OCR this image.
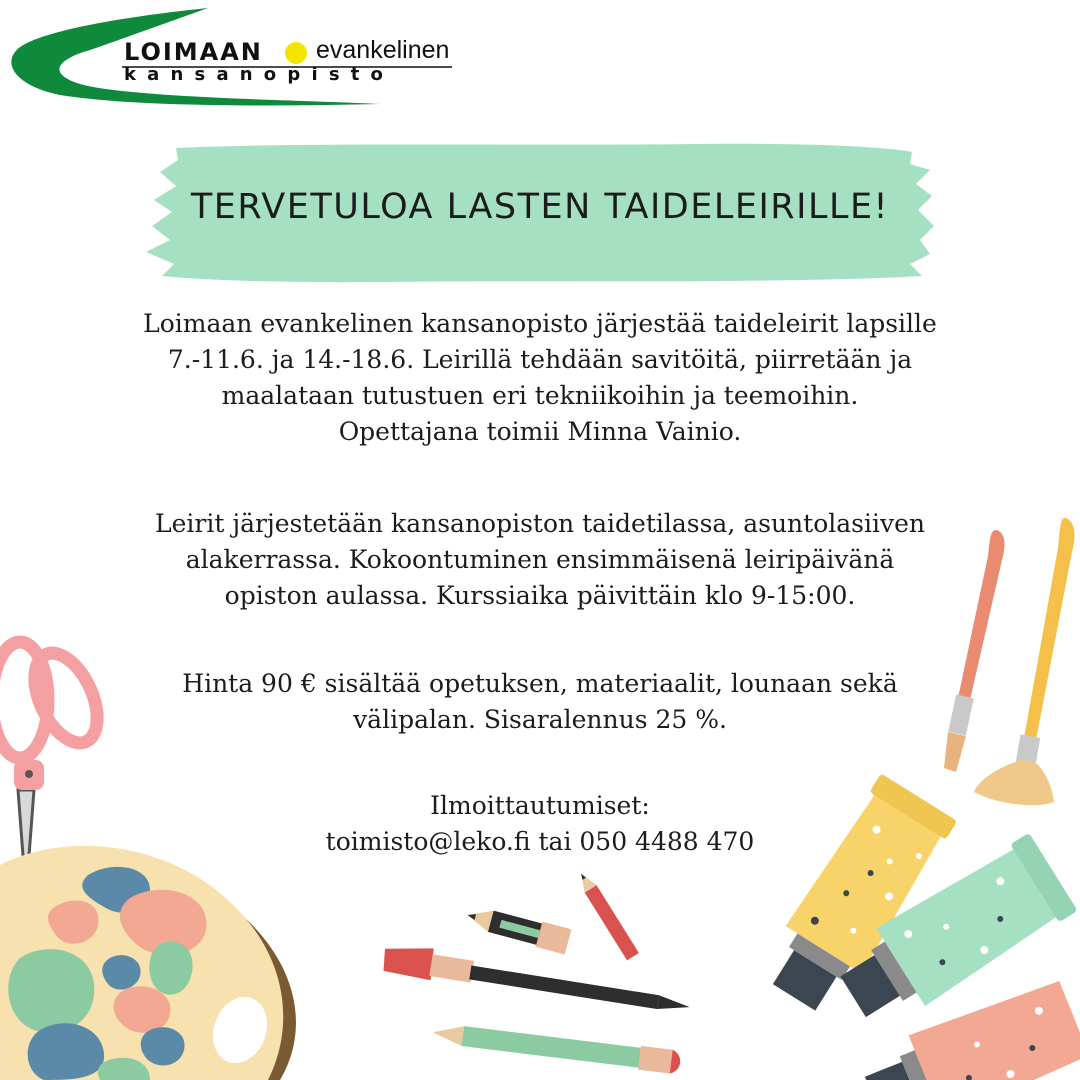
LOIMAAN evankelinen
kansanopisto
TERVETULOA LASTEN TAIDELEIRILLE!

Loimaan evankelinen kansanopisto järjestää taideleirit lapsille

7.-11.6. ja 14.-18.6. Leirillä tehdään savitöitä, piirretään ja

maalataan tutustuen eri tekniikoihin ja teemoihin.

Opettajana toimii Minna Vainio.

Leirit järjestetään kansanopiston taidetilassa, asuntolasiiven

alakerrassa. Kokoontuminen ensimmäisenä leiripäivänä

opiston aulassa. Kurssiaika päivittäin klo 9-15:00.

Hinta 90 € sisältää opetuksen, materiaalit, lounaan sekä

välipalan. Sisaralennus 25 %.

Ilmoittautumiset:

toimisto@leko.fi tai 050 4488 470
